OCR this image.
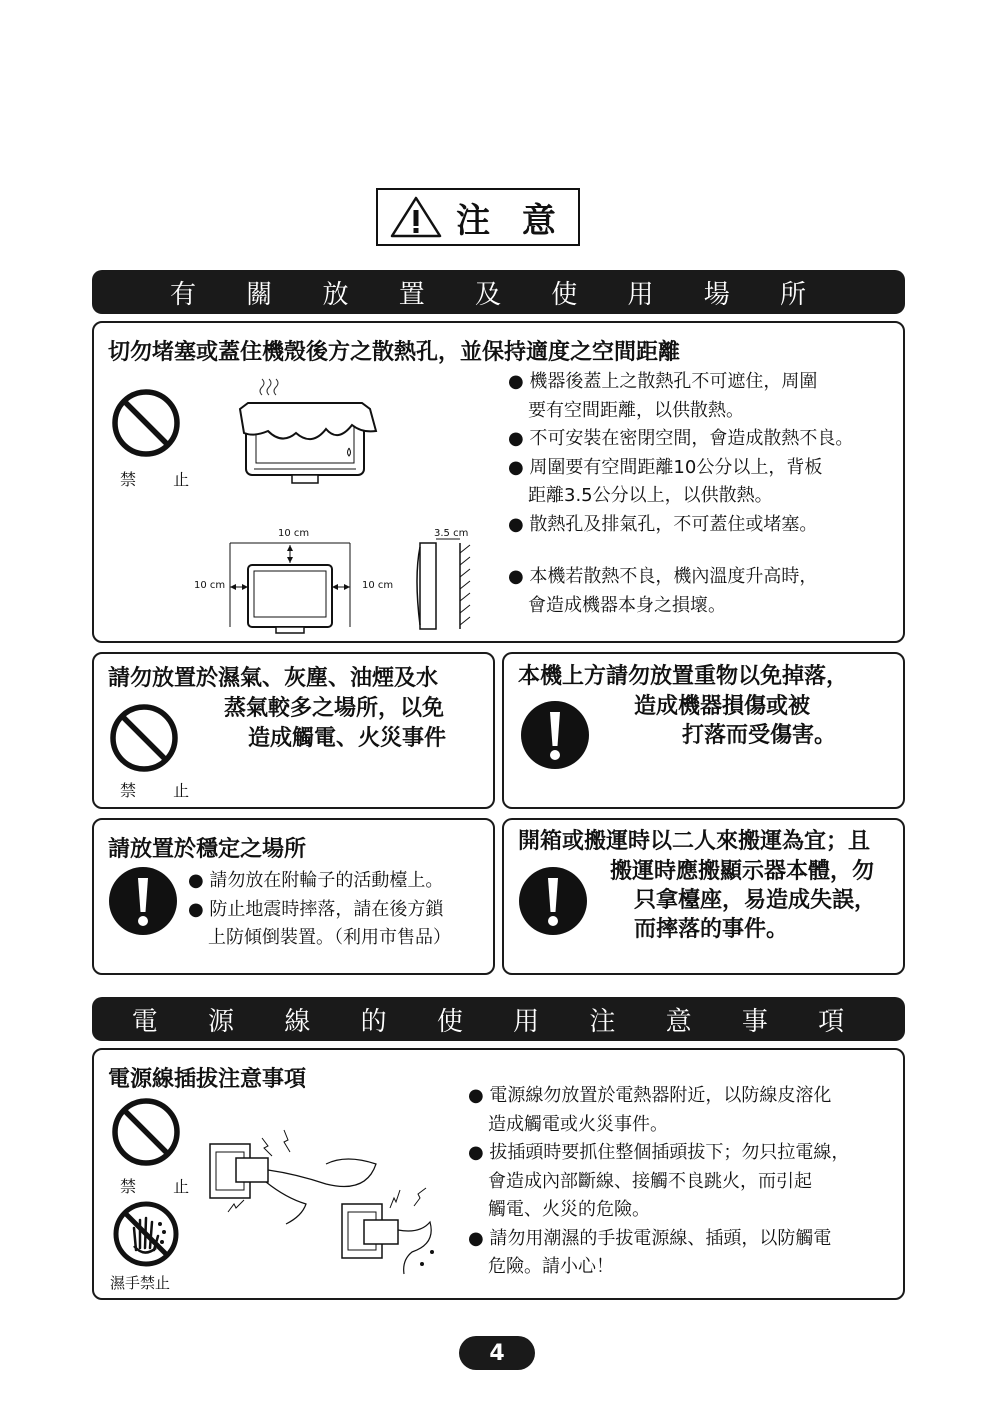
注 意
有 關 放 置 及 使 用 場 所
切勿堵塞或蓋住機殼後方之散熱孔，並保持適度之空間距離
禁 止
10 cm
10 cm	10 cm
3.5 cm
● 機器後蓋上之散熱孔不可遮住，周圍
要有空間距離，以供散熱。
● 不可安裝在密閉空間，會造成散熱不良。
● 周圍要有空間距離10公分以上，背板
距離3.5公分以上，以供散熱。
● 散熱孔及排氣孔，不可蓋住或堵塞。
● 本機若散熱不良，機內溫度升高時，
會造成機器本身之損壞。
請勿放置於濕氣、灰塵、油煙及水
蒸氣較多之場所，以免
造成觸電、火災事件
禁 止
本機上方請勿放置重物以免掉落，
造成機器損傷或被
打落而受傷害。
請放置於穩定之場所
● 請勿放在附輪子的活動檯上。
● 防止地震時摔落，請在後方鎖
上防傾倒裝置。（利用市售品）
開箱或搬運時以二人來搬運為宜；且
搬運時應搬顯示器本體，勿
只拿檯座，易造成失誤，
而摔落的事件。
電 源 線 的 使 用 注 意 事 項
電源線插拔注意事項
禁 止
濕手禁止
● 電源線勿放置於電熱器附近，以防線皮溶化
造成觸電或火災事件。
● 拔插頭時要抓住整個插頭拔下；勿只拉電線，
會造成內部斷線、接觸不良跳火，而引起
觸電、火災的危險。
● 請勿用潮濕的手拔電源線、插頭，以防觸電
危險。請小心！
4
